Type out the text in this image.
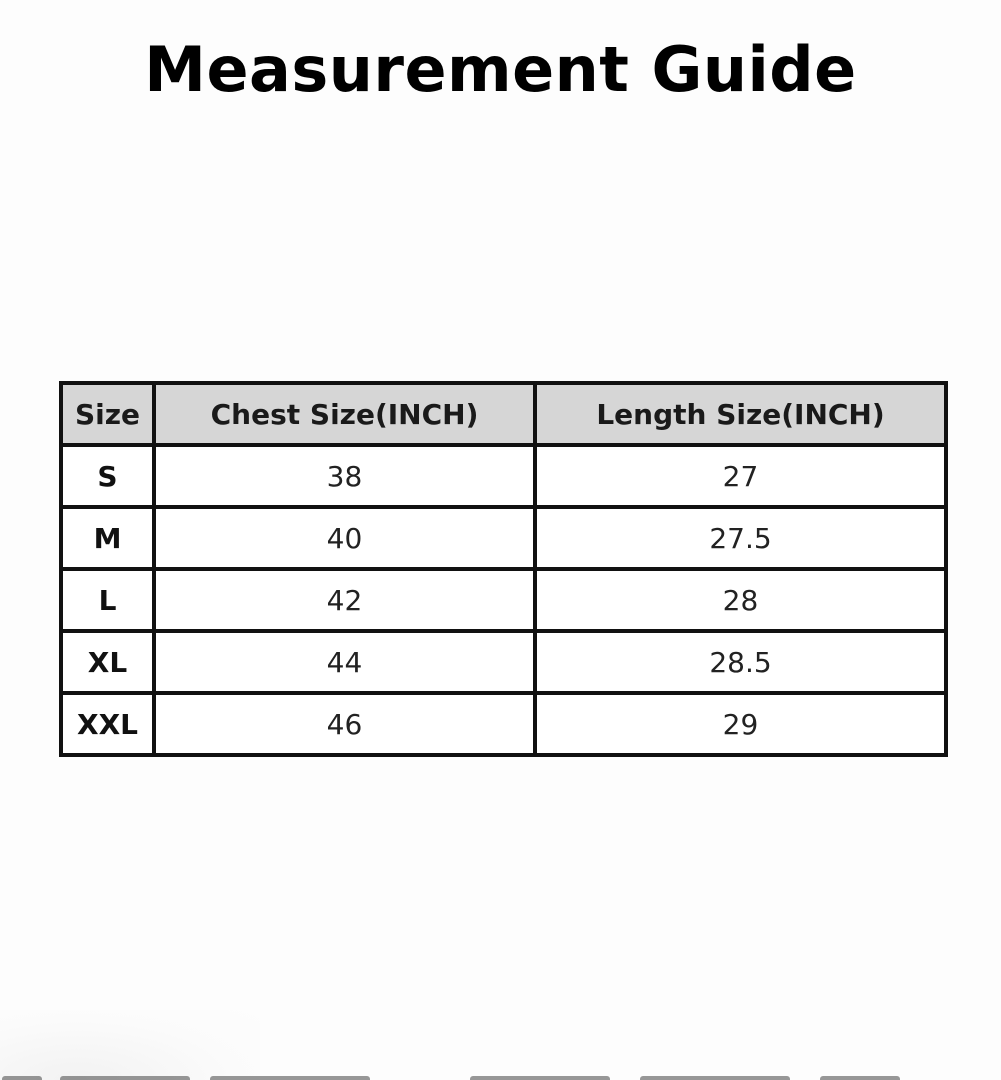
Measurement Guide
Size	Chest Size(INCH)	Length Size(INCH)
S	38	27
M	40	27.5
L	42	28
XL	44	28.5
XXL	46	29
